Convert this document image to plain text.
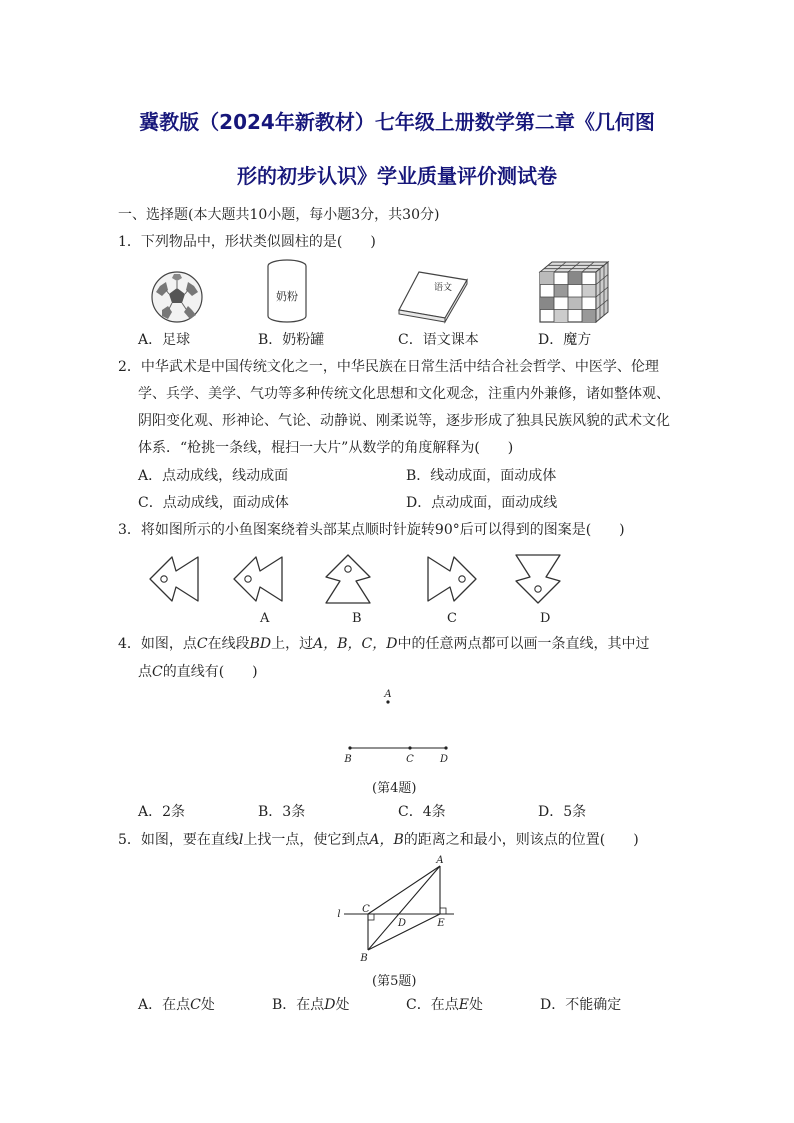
冀教版（2024年新教材）七年级上册数学第二章《几何图
形的初步认识》学业质量评价测试卷
一、选择题(本大题共10小题，每小题3分，共30分)
1．下列物品中，形状类似圆柱的是(　　)
奶粉
语文
A．足球	B．奶粉罐	C．语文课本	D．魔方
2．中华武术是中国传统文化之一，中华民族在日常生活中结合社会哲学、中医学、伦理
学、兵学、美学、气功等多种传统文化思想和文化观念，注重内外兼修，诸如整体观、
阴阳变化观、形神论、气论、动静说、刚柔说等，逐步形成了独具民族风貌的武术文化
体系．“枪挑一条线，棍扫一大片”从数学的角度解释为(　　)
A．点动成线，线动成面	B．线动成面，面动成体
C．点动成线，面动成体	D．点动成面，面动成线
3．将如图所示的小鱼图案绕着头部某点顺时针旋转90°后可以得到的图案是(　　)
A	B	C	D
4．如图，点C在线段BD上，过A，B，C，D中的任意两点都可以画一条直线，其中过
点C的直线有(　　)
A
B	C	D
(第4题)
A．2条	B．3条	C．4条	D．5条
5．如图，要在直线l上找一点，使它到点A，B的距离之和最小，则该点的位置(　　)
A
B
C
D	E
l
(第5题)
A．在点C处	B．在点D处	C．在点E处	D．不能确定
